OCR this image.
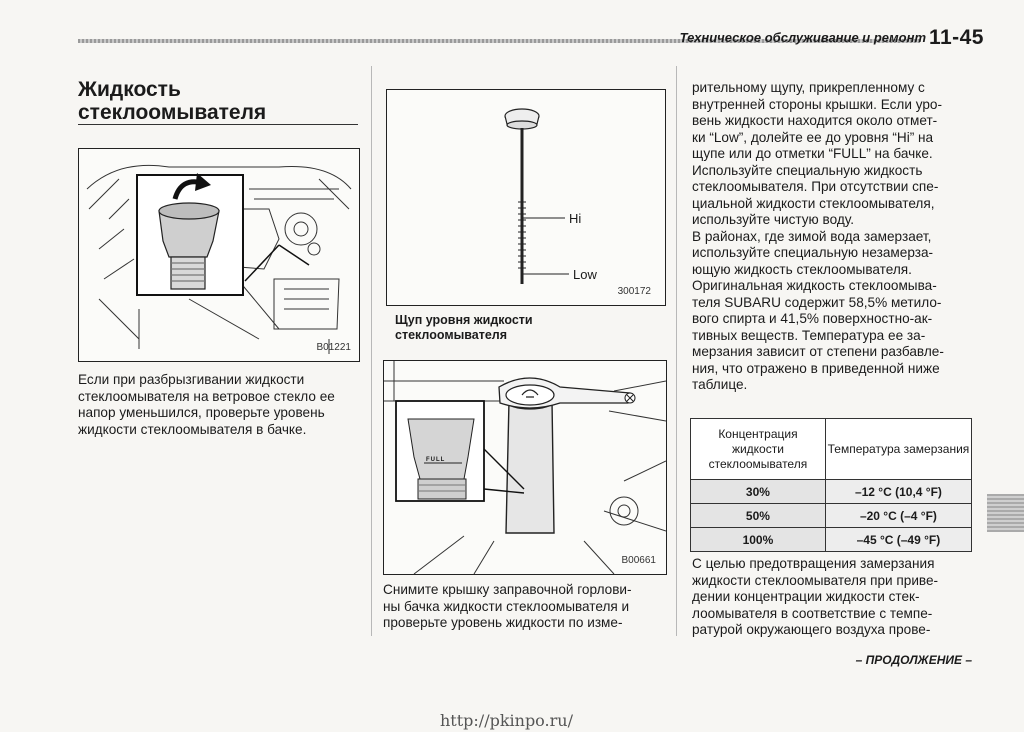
Техническое обслуживание и ремонт 11-45
Жидкость
стеклоомывателя
B01221
Если при разбрызгивании жидкости
стеклоомывателя на ветровое стекло ее
напор уменьшился, проверьте уровень
жидкости стеклоомывателя в бачке.
Hi
Low
300172
Щуп уровня жидкости
стеклоомывателя
FULL
B00661
Снимите крышку заправочной горлови-
ны бачка жидкости стеклоомывателя и
проверьте уровень жидкости по изме-
рительному щупу, прикрепленному с
внутренней стороны крышки. Если уро-
вень жидкости находится около отмет-
ки “Low”, долейте ее до уровня “Hi” на
щупе или до отметки “FULL” на бачке.
Используйте специальную жидкость
стеклоомывателя. При отсутствии спе-
циальной жидкости стеклоомывателя,
используйте чистую воду.
В районах, где зимой вода замерзает,
используйте специальную незамерза-
ющую жидкость стеклоомывателя.
Оригинальная жидкость стеклоомыва-
теля SUBARU содержит 58,5% метило-
вого спирта и 41,5% поверхностно-ак-
тивных веществ. Температура ее за-
мерзания зависит от степени разбавле-
ния, что отражено в приведенной ниже
таблице.
Концентрация жидкости стеклоомывателя	Температура замерзания
30%	–12 °C (10,4 °F)
50%	–20 °C (–4 °F)
100%	–45 °C (–49 °F)
С целью предотвращения замерзания
жидкости стеклоомывателя при приве-
дении концентрации жидкости стек-
лоомывателя в соответствие с темпе-
ратурой окружающего воздуха прове-
– ПРОДОЛЖЕНИЕ –
http://pkinpo.ru/
